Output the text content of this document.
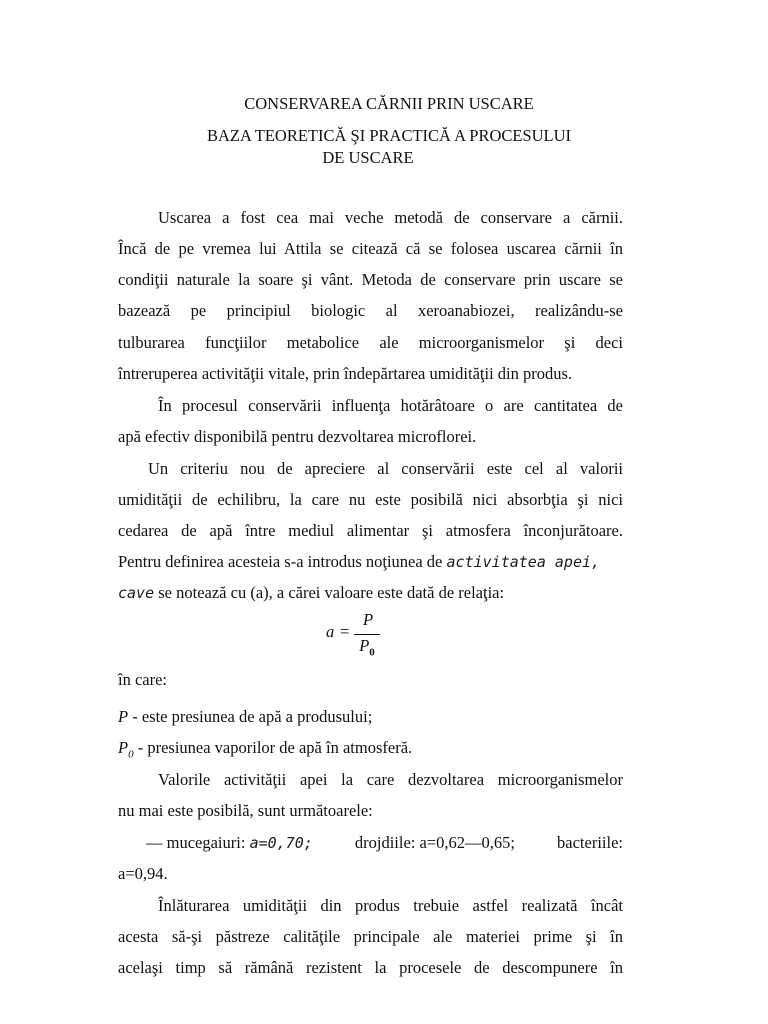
CONSERVAREA CĂRNII PRIN USCARE
BAZA TEORETICĂ ŞI PRACTICĂ A PROCESULUI
DE USCARE
Uscarea a fost cea mai veche metodă de conservare a cărnii.
Încă de pe vremea lui Attila se citează că se folosea uscarea cărnii în
condiţii naturale la soare şi vânt. Metoda de conservare prin uscare se
bazează pe principiul biologic al xeroanabiozei, realizându-se
tulburarea funcţiilor metabolice ale microorganismelor şi deci
întreruperea activităţii vitale, prin îndepărtarea umidităţii din produs.
În procesul conservării influenţa hotărâtoare o are cantitatea de
apă efectiv disponibilă pentru dezvoltarea microflorei.
Un criteriu nou de apreciere al conservării este cel al valorii
umidităţii de echilibru, la care nu este posibilă nici absorbţia şi nici
cedarea de apă între mediul alimentar şi atmosfera înconjurătoare.
Pentru definirea acesteia s-a introdus noţiunea de activitatea apei,
cave se notează cu (a), a cărei valoare este dată de relaţia:
a =
P
$P_0$
în care:
P - este presiunea de apă a produsului;
$P_0$ - presiunea vaporilor de apă în atmosferă.
Valorile activităţii apei la care dezvoltarea microorganismelor
nu mai este posibilă, sunt următoarele:
— mucegaiuri: a=0,70;	drojdiile: a=0,62—0,65;	bacteriile:
a=0,94.
Înlăturarea umidităţii din produs trebuie astfel realizată încât
acesta să-şi păstreze calităţile principale ale materiei prime şi în
acelaşi timp să rămână rezistent la procesele de descompunere în
